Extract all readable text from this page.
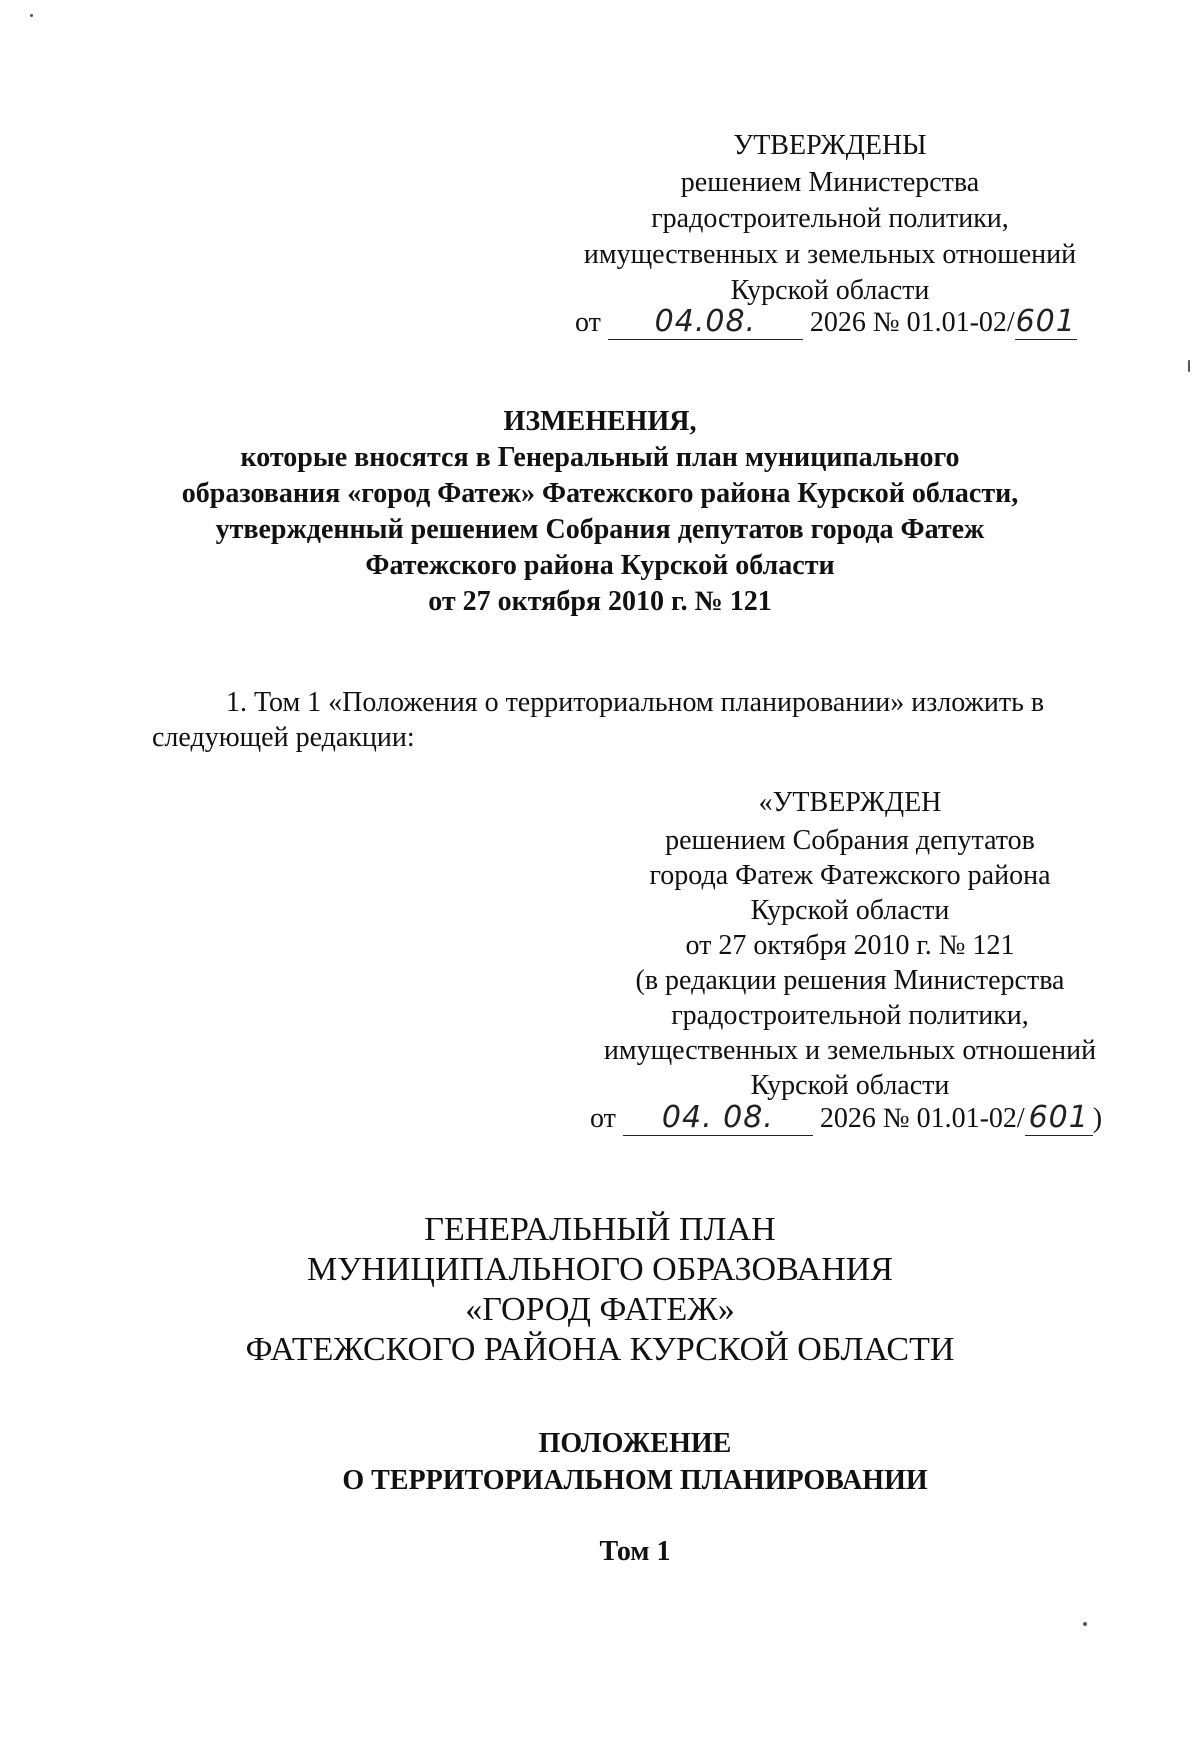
УТВЕРЖДЕНЫ
решением Министерства
градостроительной политики,
имущественных и земельных отношений
Курской области
от 04.08. 2026 № 01.01-02/601
ИЗМЕНЕНИЯ,
которые вносятся в Генеральный план муниципального
образования «город Фатеж» Фатежского района Курской области,
утвержденный решением Собрания депутатов города Фатеж
Фатежского района Курской области
от 27 октября 2010 г. № 121
1. Том 1 «Положения о территориальном планировании» изложить в
следующей редакции:
«УТВЕРЖДЕН
решением Собрания депутатов
города Фатеж Фатежского района
Курской области
от 27 октября 2010 г. № 121
(в редакции решения Министерства
градостроительной политики,
имущественных и земельных отношений
Курской области
от 04. 08. 2026 № 01.01-02/ 601 )
ГЕНЕРАЛЬНЫЙ ПЛАН
МУНИЦИПАЛЬНОГО ОБРАЗОВАНИЯ
«ГОРОД ФАТЕЖ»
ФАТЕЖСКОГО РАЙОНА КУРСКОЙ ОБЛАСТИ
ПОЛОЖЕНИЕ
О ТЕРРИТОРИАЛЬНОМ ПЛАНИРОВАНИИ
Том 1
